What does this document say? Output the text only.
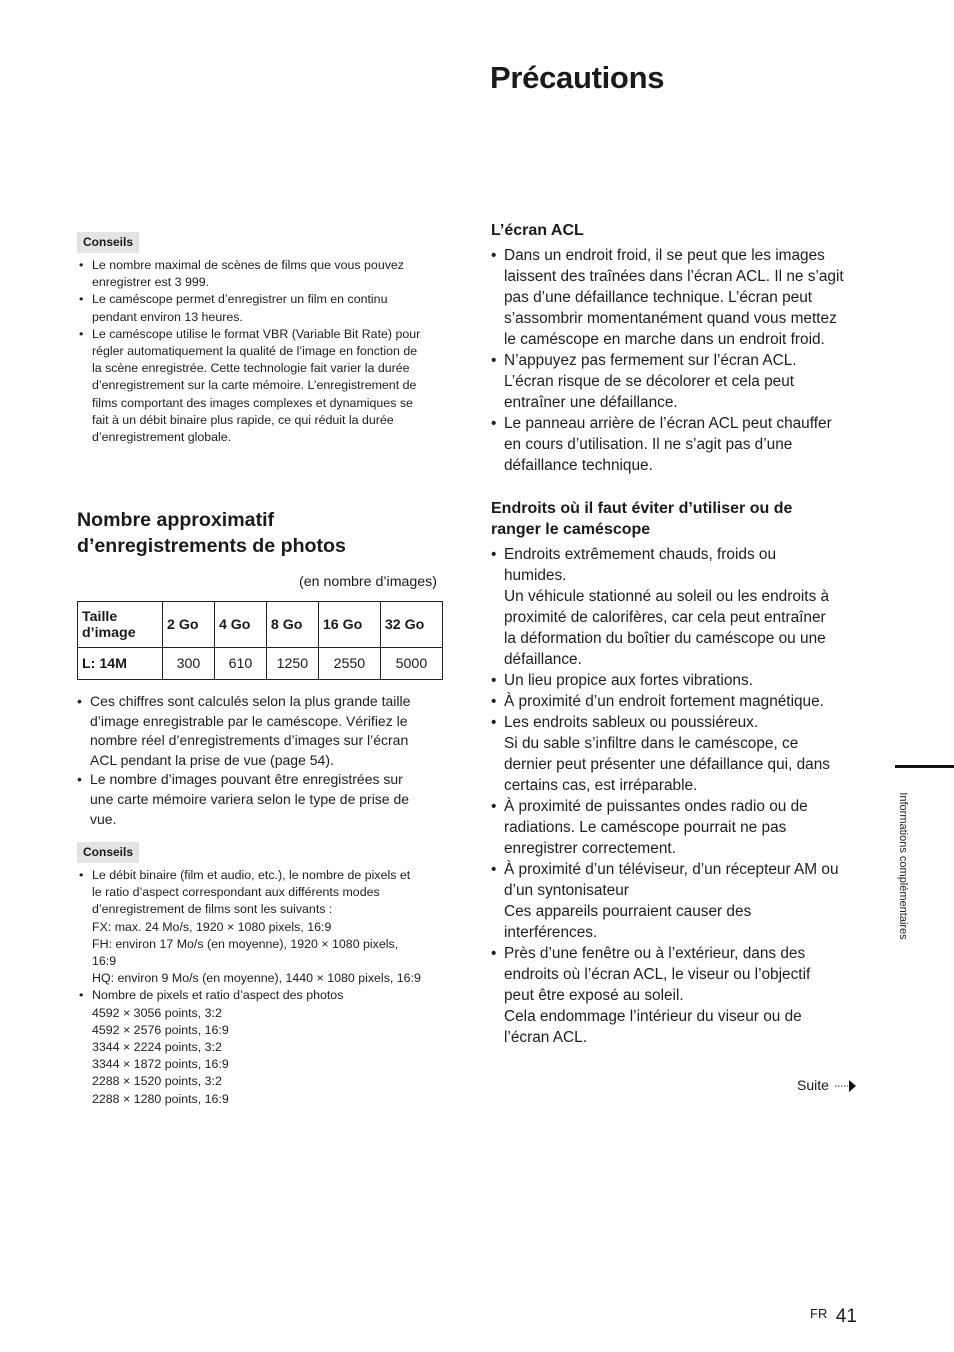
Précautions
Conseils
• Le nombre maximal de scènes de films que vous pouvez
enregistrer est 3 999.
• Le caméscope permet d’enregistrer un film en continu
pendant environ 13 heures.
• Le caméscope utilise le format VBR (Variable Bit Rate) pour
régler automatiquement la qualité de l’image en fonction de
la scène enregistrée. Cette technologie fait varier la durée
d’enregistrement sur la carte mémoire. L’enregistrement de
films comportant des images complexes et dynamiques se
fait à un débit binaire plus rapide, ce qui réduit la durée
d’enregistrement globale.
Nombre approximatif
d’enregistrements de photos
(en nombre d’images)
Taille
d’image	2 Go	4 Go	8 Go	16 Go	32 Go
L: 14M	300	610	1250	2550	5000
• Ces chiffres sont calculés selon la plus grande taille
d’image enregistrable par le caméscope. Vérifiez le
nombre réel d’enregistrements d’images sur l’écran
ACL pendant la prise de vue (page 54).
• Le nombre d’images pouvant être enregistrées sur
une carte mémoire variera selon le type de prise de
vue.
Conseils
• Le débit binaire (film et audio, etc.), le nombre de pixels et
le ratio d’aspect correspondant aux différents modes
d’enregistrement de films sont les suivants :
FX: max. 24 Mo/s, 1920 × 1080 pixels, 16:9
FH: environ 17 Mo/s (en moyenne), 1920 × 1080 pixels,
16:9
HQ: environ 9 Mo/s (en moyenne), 1440 × 1080 pixels, 16:9
• Nombre de pixels et ratio d’aspect des photos
4592 × 3056 points, 3:2
4592 × 2576 points, 16:9
3344 × 2224 points, 3:2
3344 × 1872 points, 16:9
2288 × 1520 points, 3:2
2288 × 1280 points, 16:9
L’écran ACL
• Dans un endroit froid, il se peut que les images
laissent des traînées dans l’écran ACL. Il ne s’agit
pas d’une défaillance technique. L’écran peut
s’assombrir momentanément quand vous mettez
le caméscope en marche dans un endroit froid.
• N’appuyez pas fermement sur l’écran ACL.
L’écran risque de se décolorer et cela peut
entraîner une défaillance.
• Le panneau arrière de l’écran ACL peut chauffer
en cours d’utilisation. Il ne s’agit pas d’une
défaillance technique.
Endroits où il faut éviter d’utiliser ou de
ranger le caméscope
• Endroits extrêmement chauds, froids ou
humides.
Un véhicule stationné au soleil ou les endroits à
proximité de calorifères, car cela peut entraîner
la déformation du boîtier du caméscope ou une
défaillance.
• Un lieu propice aux fortes vibrations.
• À proximité d’un endroit fortement magnétique.
• Les endroits sableux ou poussiéreux.
Si du sable s’infiltre dans le caméscope, ce
dernier peut présenter une défaillance qui, dans
certains cas, est irréparable.
• À proximité de puissantes ondes radio ou de
radiations. Le caméscope pourrait ne pas
enregistrer correctement.
• À proximité d’un téléviseur, d’un récepteur AM ou
d’un syntonisateur
Ces appareils pourraient causer des
interférences.
• Près d’une fenêtre ou à l’extérieur, dans des
endroits où l’écran ACL, le viseur ou l’objectif
peut être exposé au soleil.
Cela endommage l’intérieur du viseur ou de
l’écran ACL.
Suite
Informations complémentaires
$^{FR}$ 41
